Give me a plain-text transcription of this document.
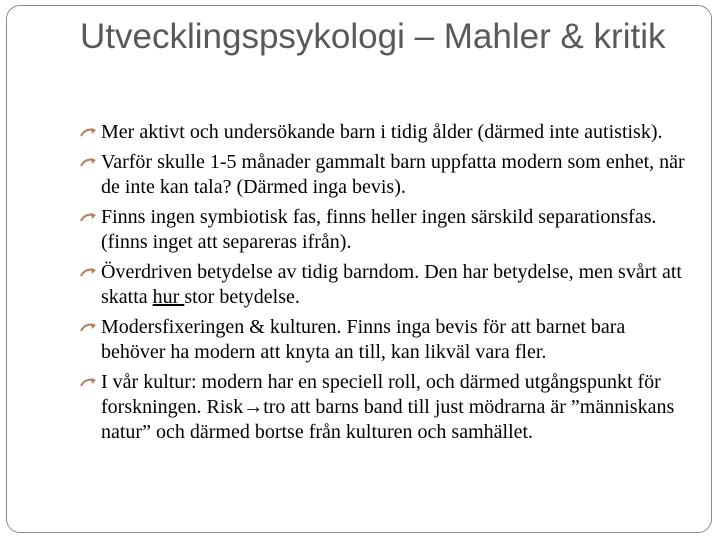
Utvecklingspsykologi – Mahler & kritik
Mer aktivt och undersökande barn i tidig ålder (därmed inte autistisk).
Varför skulle 1-5 månader gammalt barn uppfatta modern som enhet, när de inte kan tala? (Därmed inga bevis).
Finns ingen symbiotisk fas, finns heller ingen särskild separationsfas. (finns inget att separeras ifrån).
Överdriven betydelse av tidig barndom. Den har betydelse, men svårt att skatta hur stor betydelse.
Modersfixeringen & kulturen. Finns inga bevis för att barnet bara behöver ha modern att knyta an till, kan likväl vara fler.
I vår kultur: modern har en speciell roll, och därmed utgångspunkt för forskningen. Risk→tro att barns band till just mödrarna är ”människans natur” och därmed bortse från kulturen och samhället.
